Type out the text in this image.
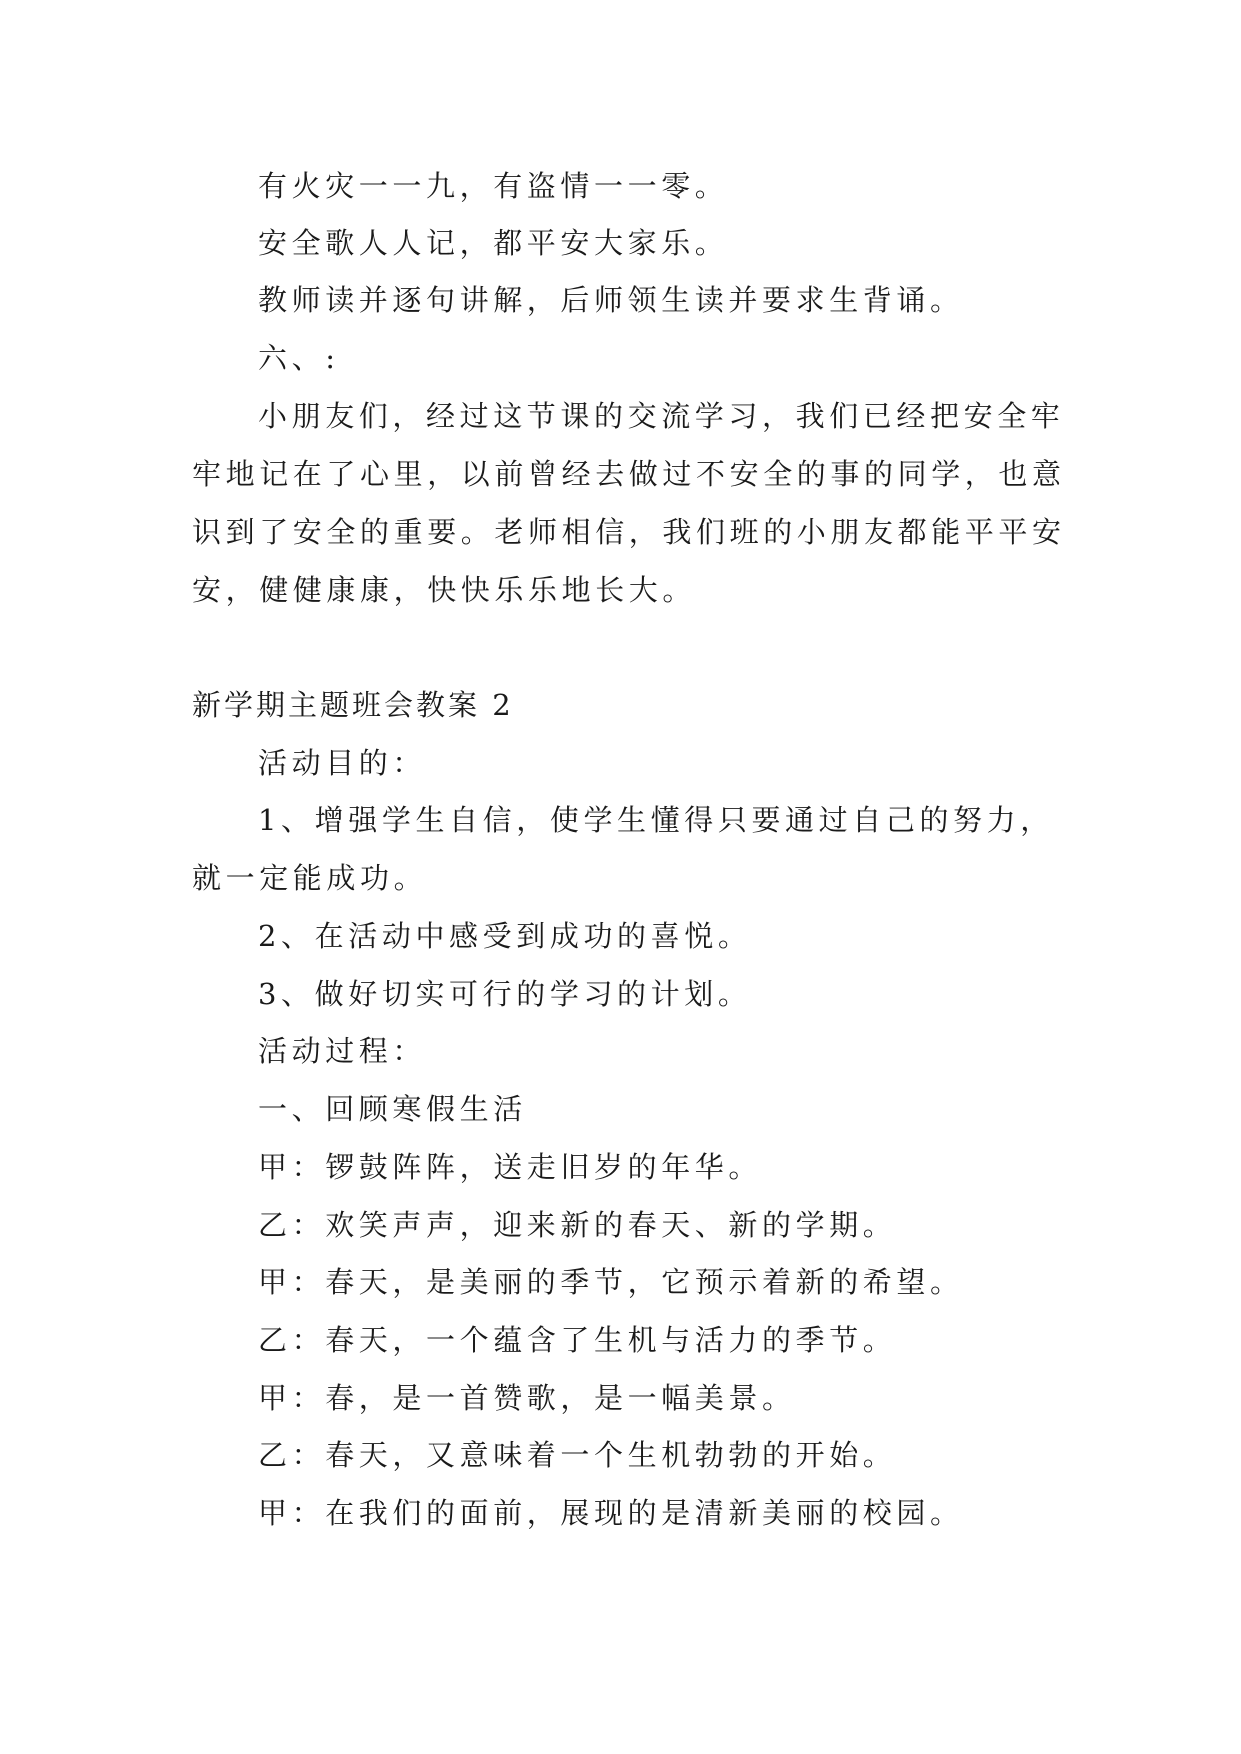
有火灾一一九，有盗情一一零。
安全歌人人记，都平安大家乐。
教师读并逐句讲解，后师领生读并要求生背诵。
六、:
小朋友们，经过这节课的交流学习，我们已经把安全牢
牢地记在了心里，以前曾经去做过不安全的事的同学，也意
识到了安全的重要。老师相信，我们班的小朋友都能平平安
安，健健康康，快快乐乐地长大。
新学期主题班会教案 2
活动目的：
1、增强学生自信，使学生懂得只要通过自己的努力，
就一定能成功。
2、在活动中感受到成功的喜悦。
3、做好切实可行的学习的计划。
活动过程：
一、回顾寒假生活
甲：锣鼓阵阵，送走旧岁的年华。
乙：欢笑声声，迎来新的春天、新的学期。
甲：春天，是美丽的季节，它预示着新的希望。
乙：春天，一个蕴含了生机与活力的季节。
甲：春，是一首赞歌，是一幅美景。
乙：春天，又意味着一个生机勃勃的开始。
甲：在我们的面前，展现的是清新美丽的校园。
